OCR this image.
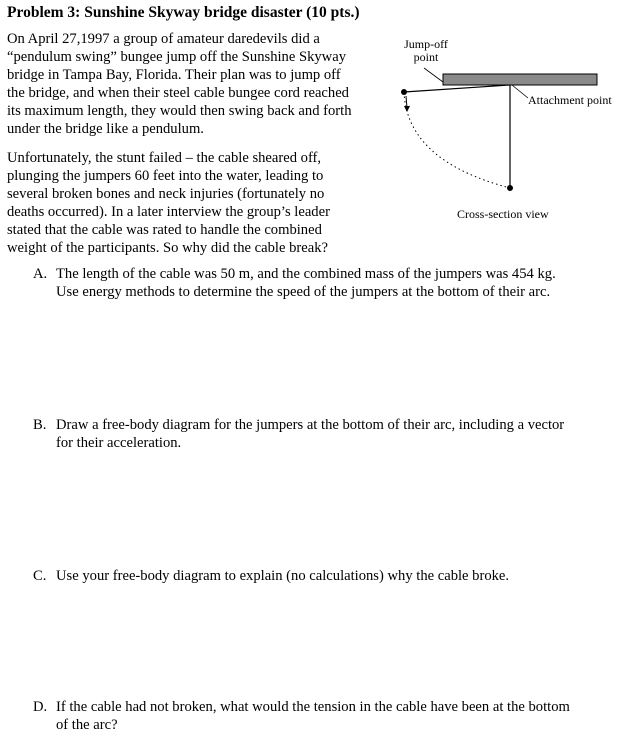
Problem 3: Sunshine Skyway bridge disaster (10 pts.)
On April 27,1997 a group of amateur daredevils did a
“pendulum swing” bungee jump off the Sunshine Skyway
bridge in Tampa Bay, Florida. Their plan was to jump off
the bridge, and when their steel cable bungee cord reached
its maximum length, they would then swing back and forth
under the bridge like a pendulum.
Unfortunately, the stunt failed – the cable sheared off,
plunging the jumpers 60 feet into the water, leading to
several broken bones and neck injuries (fortunately no
deaths occurred). In a later interview the group’s leader
stated that the cable was rated to handle the combined
weight of the participants. So why did the cable break?
Jump-off
point
Attachment point
Cross-section view
A. The length of the cable was 50 m, and the combined mass of the jumpers was 454 kg.
Use energy methods to determine the speed of the jumpers at the bottom of their arc.
B. Draw a free-body diagram for the jumpers at the bottom of their arc, including a vector
for their acceleration.
C. Use your free-body diagram to explain (no calculations) why the cable broke.
D. If the cable had not broken, what would the tension in the cable have been at the bottom
of the arc?
